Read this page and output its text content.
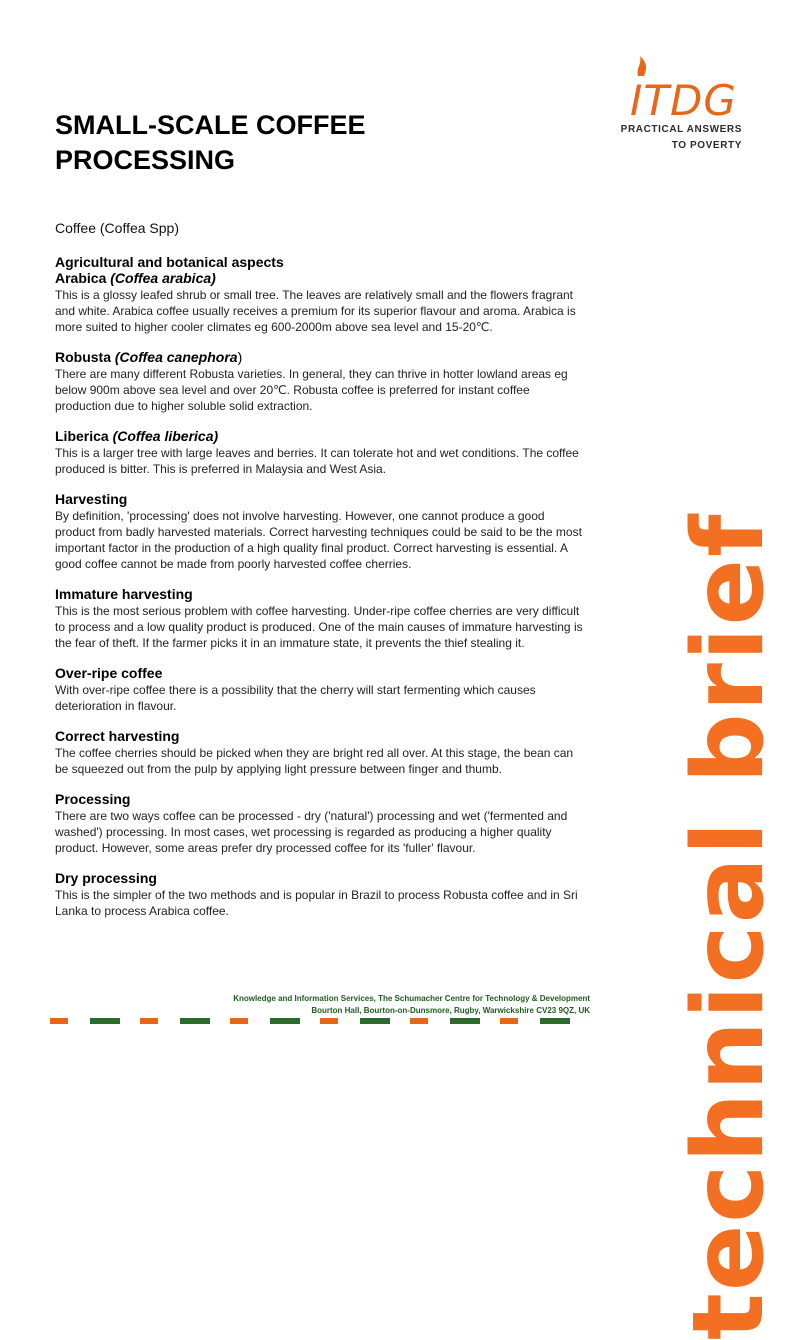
ITDG
PRACTICAL ANSWERS
TO POVERTY
technical brief
SMALL-SCALE COFFEE
PROCESSING
Coffee (Coffea Spp)
Agricultural and botanical aspects
Arabica (Coffea arabica)

This is a glossy leafed shrub or small tree. The leaves are relatively small and the flowers fragrant and white. Arabica coffee usually receives a premium for its superior flavour and aroma. Arabica is more suited to higher cooler climates eg 600-2000m above sea level and 15-20℃.

Robusta (Coffea canephora)

There are many different Robusta varieties. In general, they can thrive in hotter lowland areas eg below 900m above sea level and over 20℃. Robusta coffee is preferred for instant coffee production due to higher soluble solid extraction.

Liberica (Coffea liberica)

This is a larger tree with large leaves and berries. It can tolerate hot and wet conditions. The coffee produced is bitter. This is preferred in Malaysia and West Asia.

Harvesting

By definition, 'processing' does not involve harvesting. However, one cannot produce a good product from badly harvested materials. Correct harvesting techniques could be said to be the most important factor in the production of a high quality final product. Correct harvesting is essential. A good coffee cannot be made from poorly harvested coffee cherries.

Immature harvesting

This is the most serious problem with coffee harvesting. Under-ripe coffee cherries are very difficult to process and a low quality product is produced. One of the main causes of immature harvesting is the fear of theft. If the farmer picks it in an immature state, it prevents the thief stealing it.

Over-ripe coffee

With over-ripe coffee there is a possibility that the cherry will start fermenting which causes deterioration in flavour.

Correct harvesting

The coffee cherries should be picked when they are bright red all over. At this stage, the bean can be squeezed out from the pulp by applying light pressure between finger and thumb.

Processing

There are two ways coffee can be processed - dry ('natural') processing and wet ('fermented and washed') processing. In most cases, wet processing is regarded as producing a higher quality product. However, some areas prefer dry processed coffee for its 'fuller' flavour.

Dry processing

This is the simpler of the two methods and is popular in Brazil to process Robusta coffee and in Sri Lanka to process Arabica coffee.

Knowledge and Information Services, The Schumacher Centre for Technology & Development
Bourton Hall, Bourton-on-Dunsmore, Rugby, Warwickshire CV23 9QZ, UK
